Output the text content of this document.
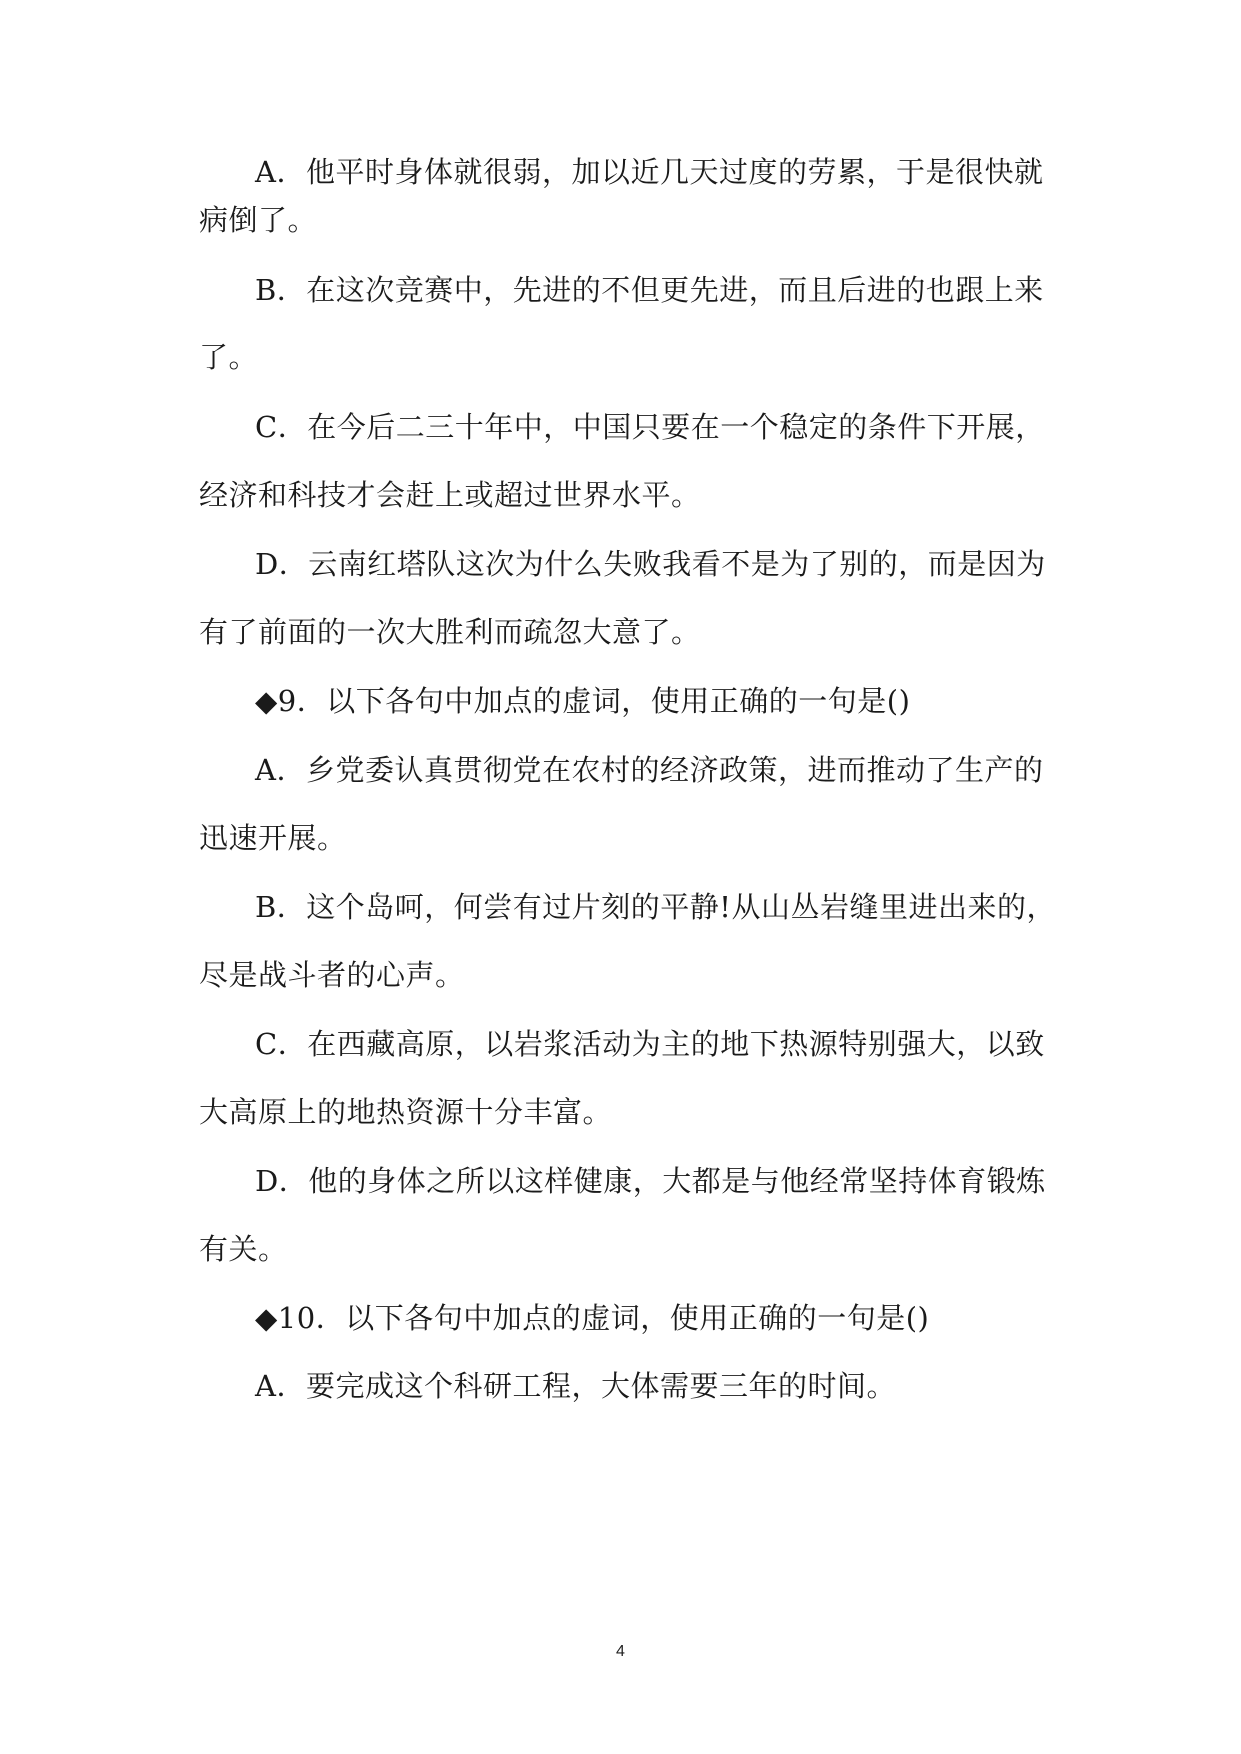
A．他平时身体就很弱，加以近几天过度的劳累，于是很快就
病倒了。
B．在这次竞赛中，先进的不但更先进，而且后进的也跟上来
了。
C．在今后二三十年中，中国只要在一个稳定的条件下开展，
经济和科技才会赶上或超过世界水平。
D．云南红塔队这次为什么失败我看不是为了别的，而是因为
有了前面的一次大胜利而疏忽大意了。
◆9．以下各句中加点的虚词，使用正确的一句是()
A．乡党委认真贯彻党在农村的经济政策，进而推动了生产的
迅速开展。
B．这个岛呵，何尝有过片刻的平静!从山丛岩缝里进出来的，
尽是战斗者的心声。
C．在西藏高原，以岩浆活动为主的地下热源特别强大，以致
大高原上的地热资源十分丰富。
D．他的身体之所以这样健康，大都是与他经常坚持体育锻炼
有关。
◆10．以下各句中加点的虚词，使用正确的一句是()
A．要完成这个科研工程，大体需要三年的时间。
4
